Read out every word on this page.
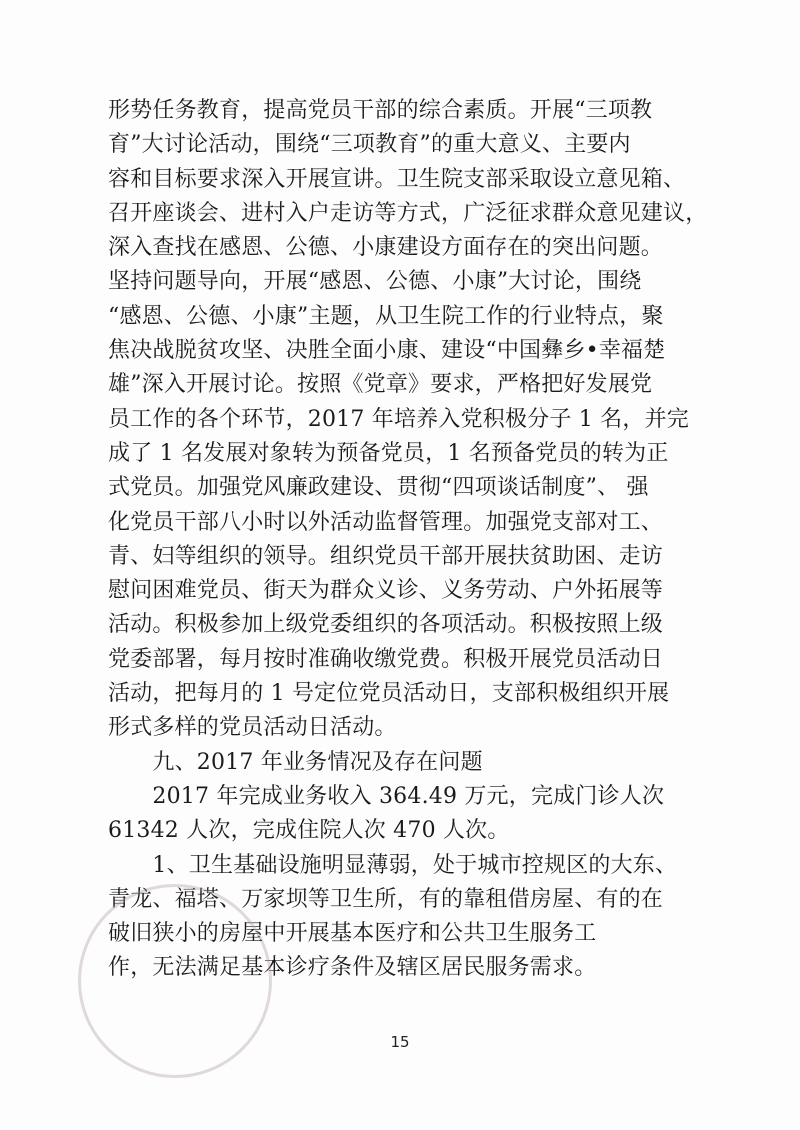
形势任务教育，提高党员干部的综合素质。开展“三项教
育”大讨论活动，围绕“三项教育”的重大意义、主要内
容和目标要求深入开展宣讲。卫生院支部采取设立意见箱、
召开座谈会、进村入户走访等方式，广泛征求群众意见建议，
深入查找在感恩、公德、小康建设方面存在的突出问题。
坚持问题导向，开展“感恩、公德、小康”大讨论，围绕
“感恩、公德、小康”主题，从卫生院工作的行业特点，聚
焦决战脱贫攻坚、决胜全面小康、建设“中国彝乡•幸福楚
雄”深入开展讨论。按照《党章》要求，严格把好发展党
员工作的各个环节，2017 年培养入党积极分子 1 名，并完
成了 1 名发展对象转为预备党员，1 名预备党员的转为正
式党员。加强党风廉政建设、贯彻“四项谈话制度”、 强
化党员干部八小时以外活动监督管理。加强党支部对工、
青、妇等组织的领导。组织党员干部开展扶贫助困、走访
慰问困难党员、街天为群众义诊、义务劳动、户外拓展等
活动。积极参加上级党委组织的各项活动。积极按照上级
党委部署，每月按时准确收缴党费。积极开展党员活动日
活动，把每月的 1 号定位党员活动日，支部积极组织开展
形式多样的党员活动日活动。
　　九、2017 年业务情况及存在问题
　　2017 年完成业务收入 364.49 万元，完成门诊人次
61342 人次，完成住院人次 470 人次。
　　1、卫生基础设施明显薄弱，处于城市控规区的大东、
青龙、福塔、万家坝等卫生所，有的靠租借房屋、有的在
破旧狭小的房屋中开展基本医疗和公共卫生服务工
作，无法满足基本诊疗条件及辖区居民服务需求。
15
